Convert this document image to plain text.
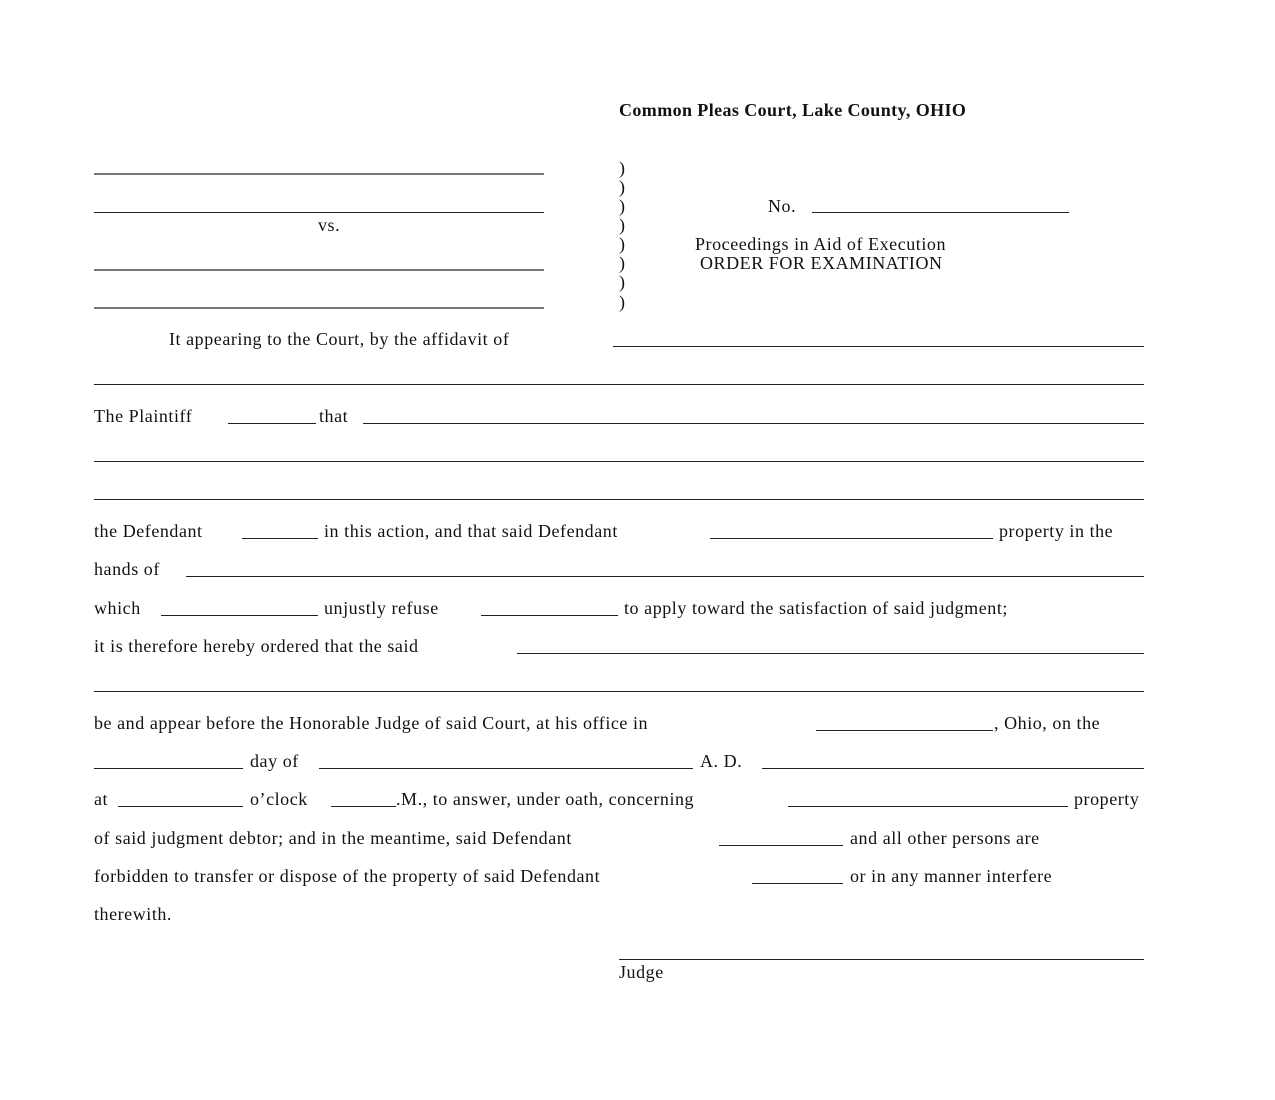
Common Pleas Court, Lake County, OHIO
vs.
)
)
)
)
)
)
)
)
No.
Proceedings in Aid of Execution
ORDER FOR EXAMINATION
It appearing to the Court, by the affidavit of
The Plaintiff	that
the Defendant	in this action, and that said Defendant	property in the
hands of
which	unjustly refuse	to apply toward the satisfaction of said judgment;
it is therefore hereby ordered that the said
be and appear before the Honorable Judge of said Court, at his office in	, Ohio, on the
day of	A. D.
at	o’clock	.M., to answer, under oath, concerning	property
of said judgment debtor; and in the meantime, said Defendant	and all other persons are
forbidden to transfer or dispose of the property of said Defendant	or in any manner interfere
therewith.
Judge
